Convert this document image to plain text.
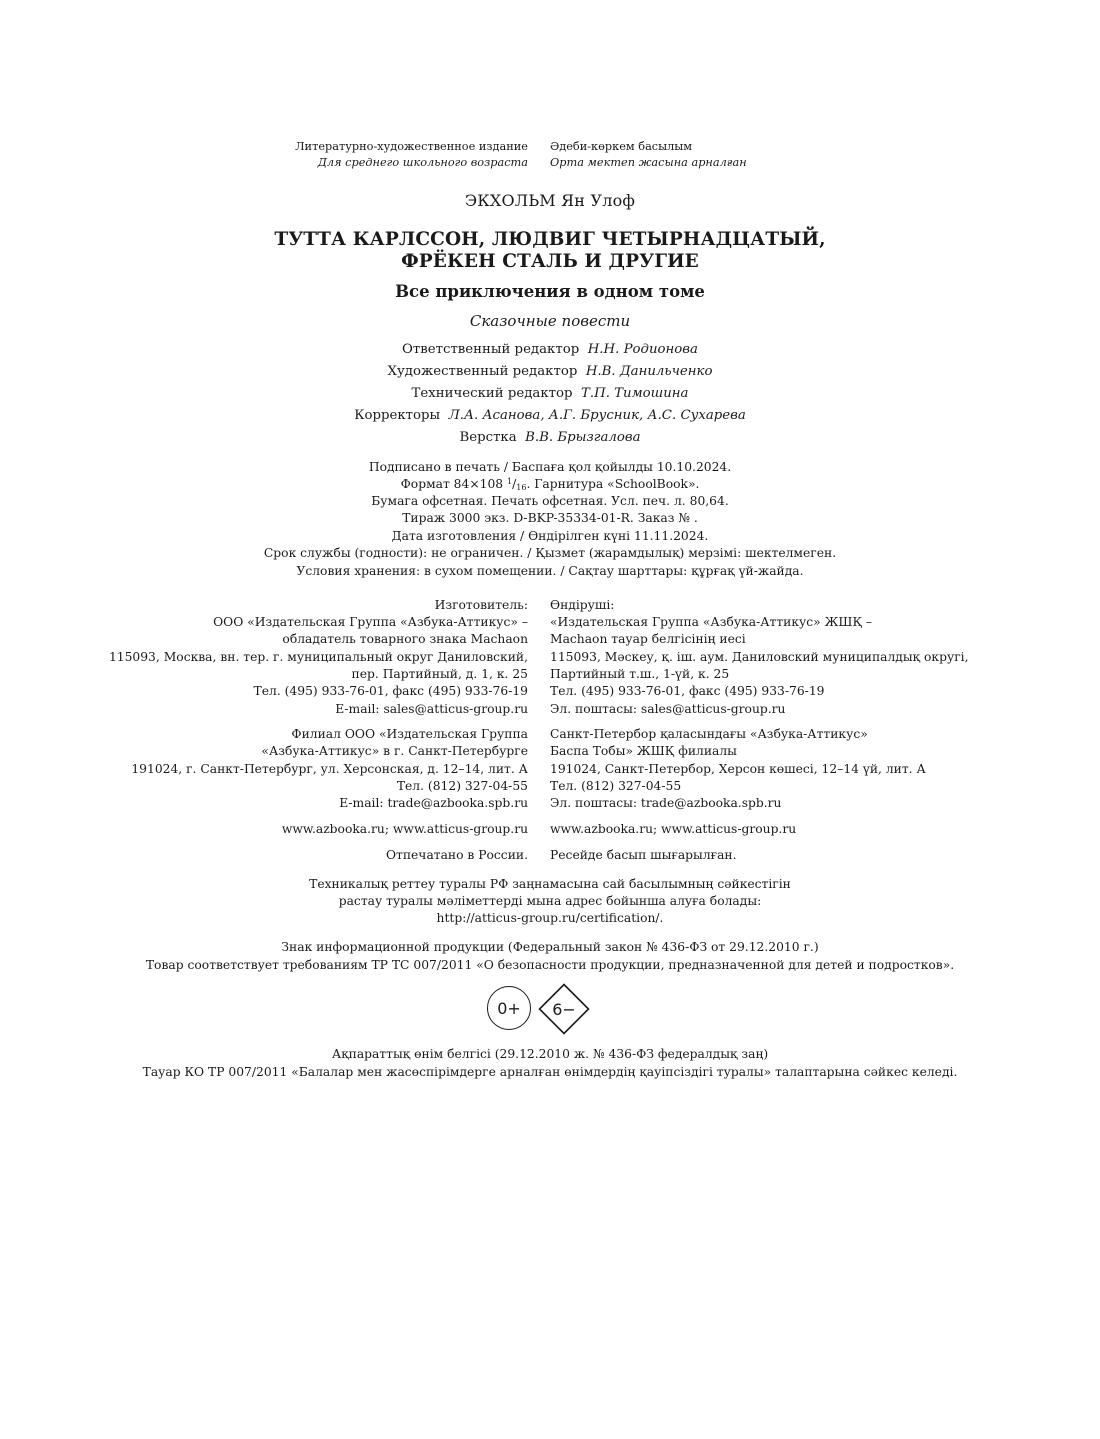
Литературно-художественное издание
Для среднего школьного возраста
Әдеби-көркем басылым
Орта мектеп жасына арналған
ЭКХОЛЬМ Ян Улоф
ТУТТА КАРЛССОН, ЛЮДВИГ ЧЕТЫРНАДЦАТЫЙ,
ФРЁКЕН СТАЛЬ И ДРУГИЕ
Все приключения в одном томе
Сказочные повести
Ответственный редактор Н.Н. Родионова
Художественный редактор Н.В. Данильченко
Технический редактор Т.П. Тимошина
Корректоры Л.А. Асанова, А.Г. Брусник, А.С. Сухарева
Верстка В.В. Брызгалова
Подписано в печать / Баспаға қол қойылды 10.10.2024.
Формат 84×108 $^1$/16. Гарнитура «SchoolBook».
Бумага офсетная. Печать офсетная. Усл. печ. л. 80,64.
Тираж 3000 экз. D-BKP-35334-01-R. Заказ № .
Дата изготовления / Өндірілген күні 11.11.2024.
Срок службы (годности): не ограничен. / Қызмет (жарамдылық) мерзімі: шектелмеген.
Условия хранения: в сухом помещении. / Сақтау шарттары: құрғақ үй-жайда.
Изготовитель:
ООО «Издательская Группа «Азбука-Аттикус» –
обладатель товарного знака Machaon
115093, Москва, вн. тер. г. муниципальный округ Даниловский,
пер. Партийный, д. 1, к. 25
Тел. (495) 933-76-01, факс (495) 933-76-19
E-mail: sales@atticus-group.ru
Өндіруші:
«Издательская Группа «Азбука-Аттикус» ЖШҚ –
Machaon тауар белгісінің иесі
115093, Мәскеу, қ. іш. аум. Даниловский муниципалдық округі,
Партийный т.ш., 1-үй, к. 25
Тел. (495) 933-76-01, факс (495) 933-76-19
Эл. поштасы: sales@atticus-group.ru
Филиал ООО «Издательская Группа
«Азбука-Аттикус» в г. Санкт-Петербурге
191024, г. Санкт-Петербург, ул. Херсонская, д. 12–14, лит. А
Тел. (812) 327-04-55
E-mail: trade@azbooka.spb.ru
Санкт-Петербор қаласындағы «Азбука-Аттикус»
Баспа Тобы» ЖШҚ филиалы
191024, Санкт-Петербор, Херсон көшесі, 12–14 үй, лит. А
Тел. (812) 327-04-55
Эл. поштасы: trade@azbooka.spb.ru
www.azbooka.ru; www.atticus-group.ru www.azbooka.ru; www.atticus-group.ru
Отпечатано в России. Ресейде басып шығарылған.
Техникалық реттеу туралы РФ заңнамасына сай басылымның сәйкестігін
растау туралы мәліметтерді мына адрес бойынша алуға болады:
http://atticus-group.ru/certification/.
Знак информационной продукции (Федеральный закон № 436-ФЗ от 29.12.2010 г.)
Товар соответствует требованиям ТР ТС 007/2011 «О безопасности продукции, предназначенной для детей и подростков».
0+	6−
Ақпараттық өнім белгісі (29.12.2010 ж. № 436-ФЗ федералдық заң)
Тауар КО ТР 007/2011 «Балалар мен жасөспірімдерге арналған өнімдердің қауіпсіздігі туралы» талаптарына сәйкес келеді.
